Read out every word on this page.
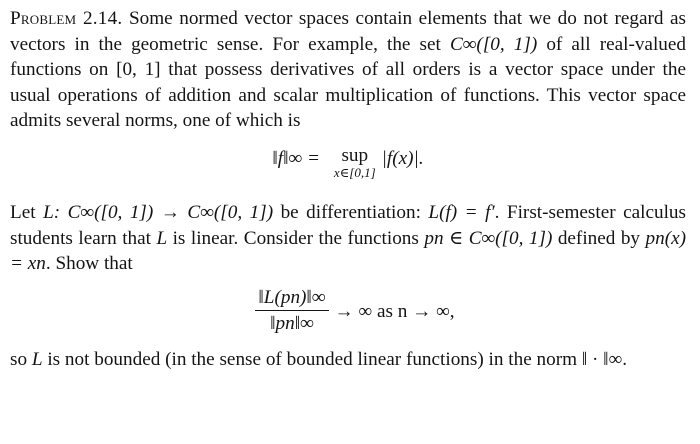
Problem 2.14. Some normed vector spaces contain elements that we do not regard as vectors in the geometric sense. For example, the set C∞([0, 1]) of all real-valued functions on [0, 1] that possess derivatives of all orders is a vector space under the usual operations of addition and scalar multiplication of functions. This vector space admits several norms, one of which is

‖f‖∞ = sup
x∈[0,1]
|f(x)|.

Let L: C∞([0, 1]) → C∞([0, 1]) be differentiation: L(f) = f′. First-semester calculus students learn that L is linear. Consider the functions pn ∈ C∞([0, 1]) defined by pn(x) = xn. Show that

$\frac{‖L(pn)‖\infty}{‖pn‖\infty}$ → ∞ as n → ∞,

so L is not bounded (in the sense of bounded linear functions) in the norm ‖ · ‖∞.
